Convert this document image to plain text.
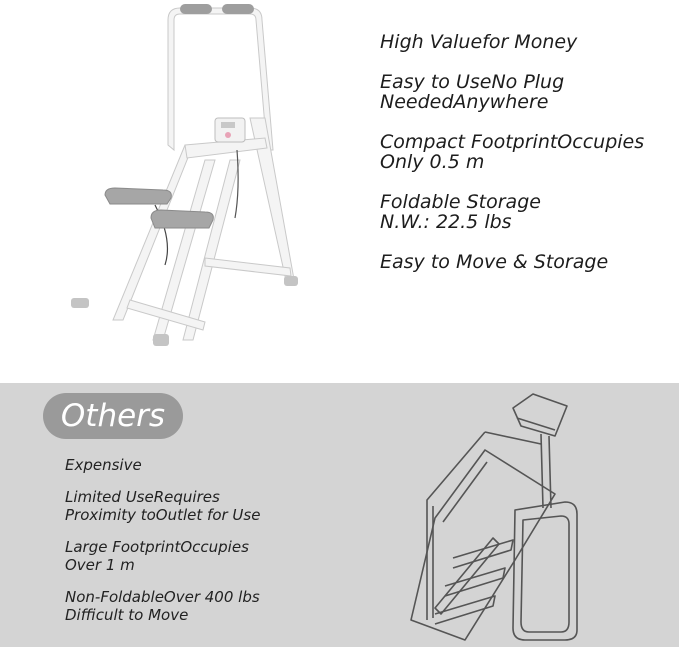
High Valuefor Money
Easy to UseNo Plug
NeededAnywhere
Compact FootprintOccupies
Only 0.5 m
Foldable Storage
N.W.: 22.5 lbs
Easy to Move & Storage
Others
Expensive
Limited UseRequires
Proximity toOutlet for Use
Large FootprintOccupies
Over 1 m
Non-FoldableOver 400 lbs
Difficult to Move
